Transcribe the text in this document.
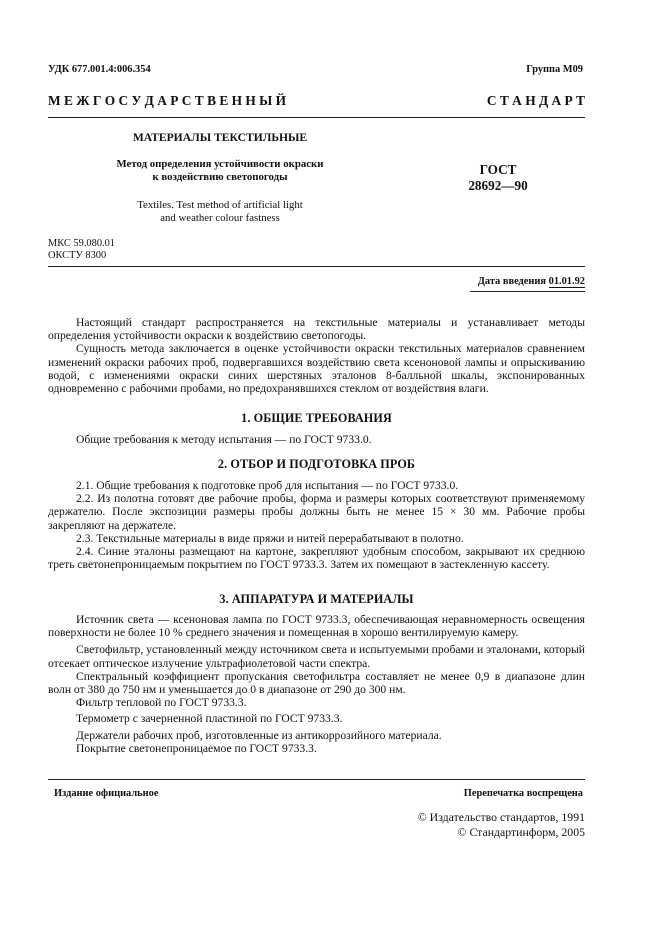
УДК 677.001.4:006.354	Группа М09
М Е Ж Г О С У Д А Р С Т В Е Н Н Ы Й	С Т А Н Д А Р Т
МАТЕРИАЛЫ ТЕКСТИЛЬНЫЕ
Метод определения устойчивости окраски
к воздействию светопогоды
Textiles. Test method of artificial light
and weather colour fastness
ГОСТ
28692—90
МКС 59.080.01
ОКСТУ 8300
Дата введения 01.01.92
Настоящий стандарт распространяется на текстильные материалы и устанавливает методы определения устойчивости окраски к воздействию светопогоды.
Сущность метода заключается в оценке устойчивости окраски текстильных материалов сравнением изменений окраски рабочих проб, подвергавшихся воздействию света ксеноновой лампы и опрыскиванию водой, с изменениями окраски синих шерстяных эталонов 8-балльной шкалы, экспонированных одновременно с рабочими пробами, но предохранявшихся стеклом от воздействия влаги.
1. ОБЩИЕ ТРЕБОВАНИЯ
Общие требования к методу испытания — по ГОСТ 9733.0.
2. ОТБОР И ПОДГОТОВКА ПРОБ
2.1. Общие требования к подготовке проб для испытания — по ГОСТ 9733.0.
2.2. Из полотна готовят две рабочие пробы, форма и размеры которых соответствуют применяемому держателю. После экспозиции размеры пробы должны быть не менее 15 × 30 мм. Рабочие пробы закрепляют на держателе.
2.3. Текстильные материалы в виде пряжи и нитей перерабатывают в полотно.
2.4. Синие эталоны размещают на картоне, закрепляют удобным способом, закрывают их среднюю треть светонепроницаемым покрытием по ГОСТ 9733.3. Затем их помещают в застекленную кассету.
3. АППАРАТУРА И МАТЕРИАЛЫ
Источник света — ксеноновая лампа по ГОСТ 9733.3, обеспечивающая неравномерность освещения поверхности не более 10 % среднего значения и помещенная в хорошо вентилируемую камеру.
Светофильтр, установленный между источником света и испытуемыми пробами и эталонами, который отсекает оптическое излучение ультрафиолетовой части спектра.
Спектральный коэффициент пропускания светофильтра составляет не менее 0,9 в диапазоне длин волн от 380 до 750 нм и уменьшается до 0 в диапазоне от 290 до 300 нм.
Фильтр тепловой по ГОСТ 9733.3.
Термометр с зачерненной пластиной по ГОСТ 9733.3.
Держатели рабочих проб, изготовленные из антикоррозийного материала.
Покрытие светонепроницаемое по ГОСТ 9733.3.
Издание официальное	Перепечатка воспрещена
© Издательство стандартов, 1991
© Стандартинформ, 2005
